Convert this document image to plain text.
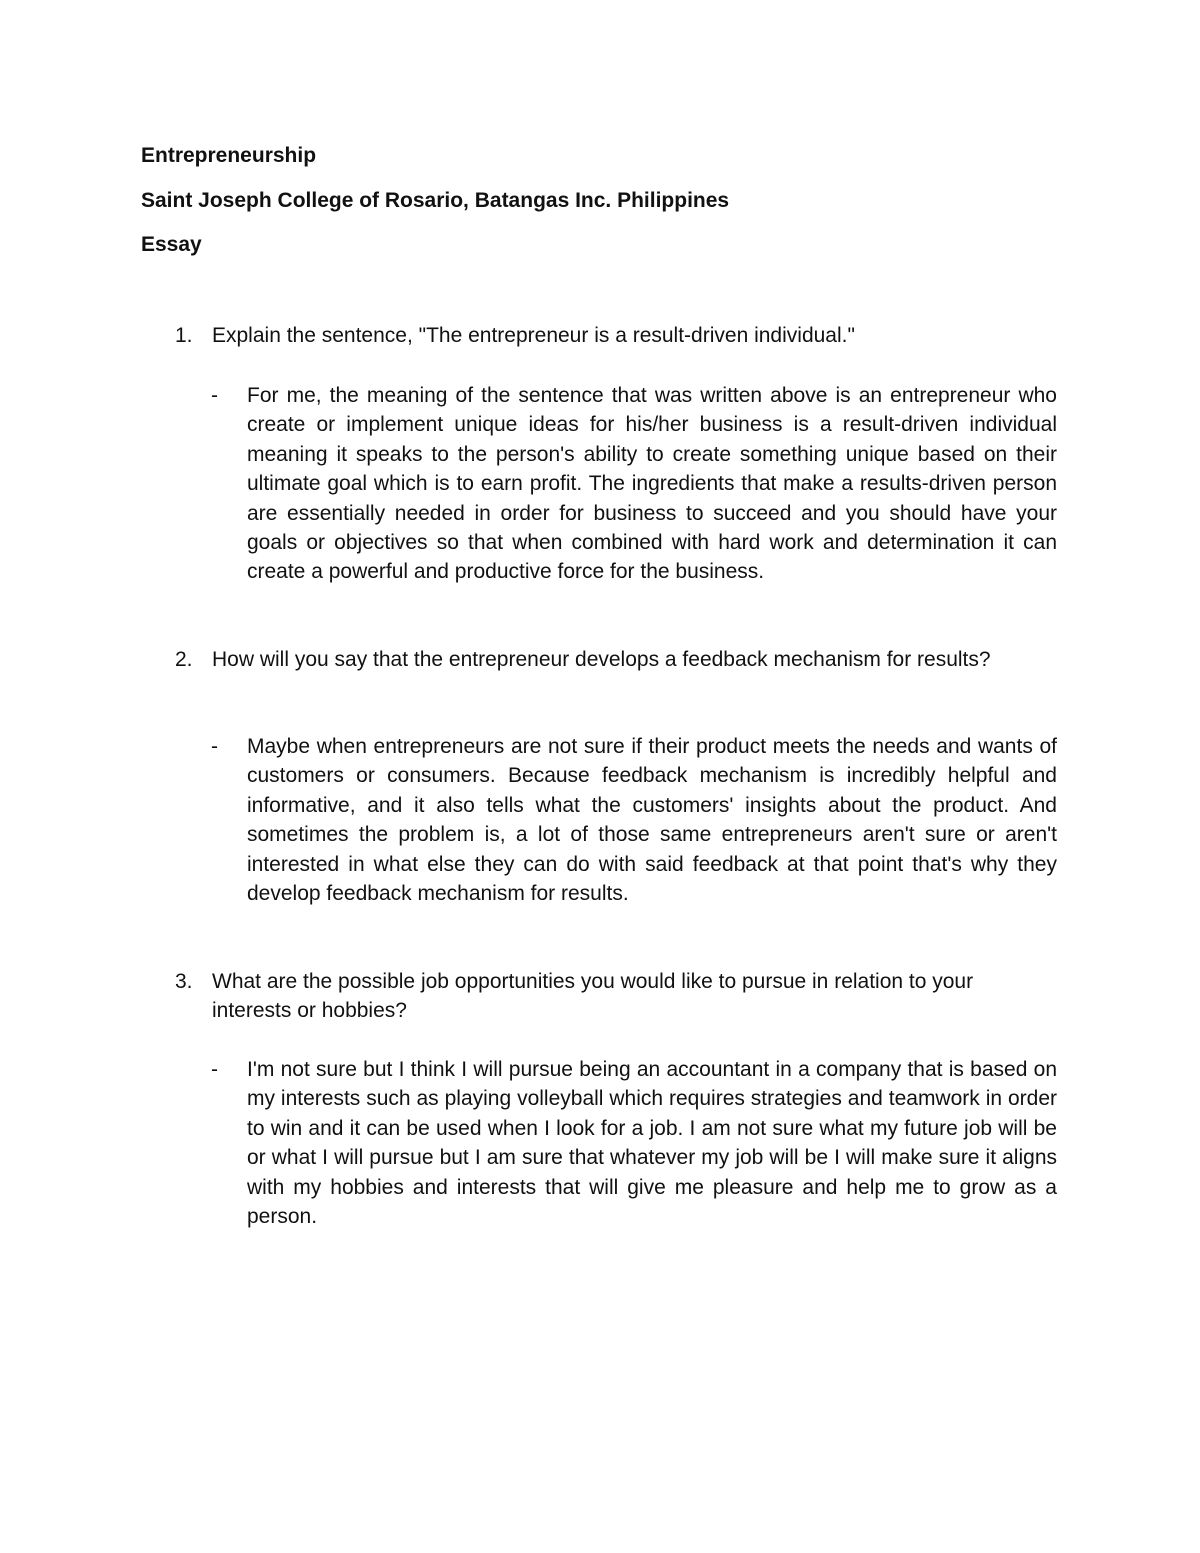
Entrepreneurship
Saint Joseph College of Rosario, Batangas Inc. Philippines
Essay
1. Explain the sentence, "The entrepreneur is a result-driven individual."
- For me, the meaning of the sentence that was written above is an entrepreneur who create or implement unique ideas for his/her business is a result-driven individual meaning it speaks to the person's ability to create something unique based on their ultimate goal which is to earn profit. The ingredients that make a results-driven person are essentially needed in order for business to succeed and you should have your goals or objectives so that when combined with hard work and determination it can create a powerful and productive force for the business.
2. How will you say that the entrepreneur develops a feedback mechanism for results?
- Maybe when entrepreneurs are not sure if their product meets the needs and wants of customers or consumers. Because feedback mechanism is incredibly helpful and informative, and it also tells what the customers' insights about the product. And sometimes the problem is, a lot of those same entrepreneurs aren't sure or aren't interested in what else they can do with said feedback at that point that's why they develop feedback mechanism for results.
3. What are the possible job opportunities you would like to pursue in relation to your interests or hobbies?
- I'm not sure but I think I will pursue being an accountant in a company that is based on my interests such as playing volleyball which requires strategies and teamwork in order to win and it can be used when I look for a job. I am not sure what my future job will be or what I will pursue but I am sure that whatever my job will be I will make sure it aligns with my hobbies and interests that will give me pleasure and help me to grow as a person.
